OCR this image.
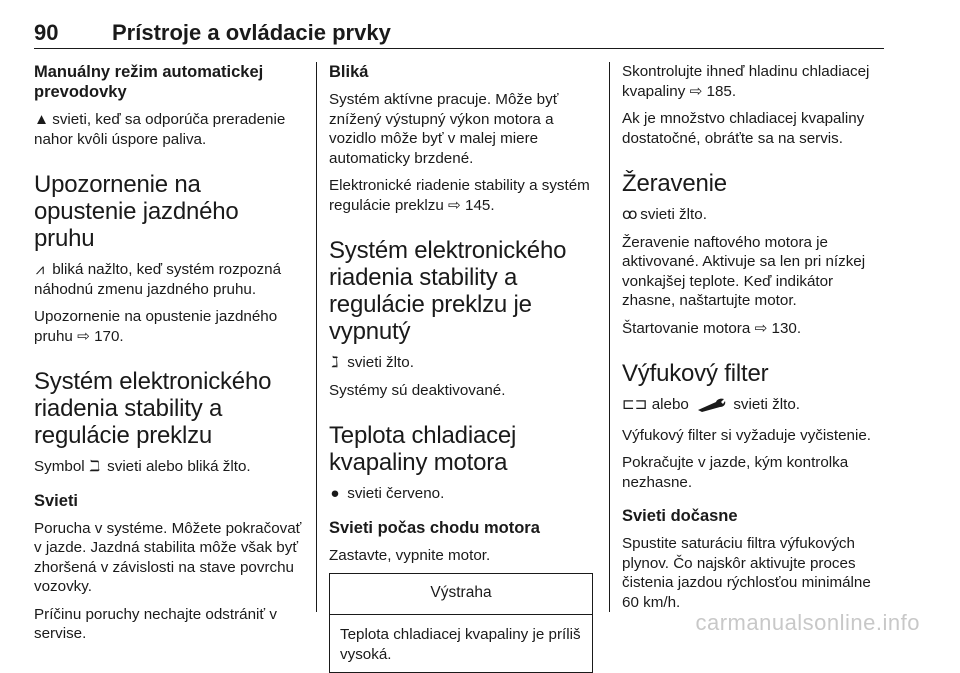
90 Prístroje a ovládacie prvky
Manuálny režim automatickej prevodovky

▲ svieti, keď sa odporúča preradenie nahor kvôli úspore paliva.

Upozornenie na opustenie jazdného pruhu

⩘ bliká nažlto, keď systém rozpozná náhodnú zmenu jazdného pruhu.

Upozornenie na opustenie jazdného pruhu ⇨ 170.

Systém elektronického riadenia stability a regulácie preklzu

Symbol ℶ svieti alebo bliká žlto.

Svieti

Porucha v systéme. Môžete pokračovať v jazde. Jazdná stabilita môže však byť zhoršená v závislosti na stave povrchu vozovky.

Príčinu poruchy nechajte odstrániť v servise.

Bliká

Systém aktívne pracuje. Môže byť znížený výstupný výkon motora a vozidlo môže byť v malej miere automaticky brzdené.

Elektronické riadenie stability a systém regulácie preklzu ⇨ 145.

Systém elektronického riadenia stability a regulácie preklzu je vypnutý

ℷ svieti žlto.

Systémy sú deaktivované.

Teplota chladiacej kvapaliny motora

● svieti červeno.

Svieti počas chodu motora

Zastavte, vypnite motor.

Výstraha
Teplota chladiacej kvapaliny je príliš vysoká.

Skontrolujte ihneď hladinu chladiacej kvapaliny ⇨ 185.

Ak je množstvo chladiacej kvapaliny dostatočné, obráťte sa na servis.

Žeravenie

ꝏ svieti žlto.

Žeravenie naftového motora je aktivované. Aktivuje sa len pri nízkej vonkajšej teplote. Keď indikátor zhasne, naštartujte motor.

Štartovanie motora ⇨ 130.

Výfukový filter

⊏⊐ alebo	svieti žlto.

Výfukový filter si vyžaduje vyčistenie.

Pokračujte v jazde, kým kontrolka nezhasne.

Svieti dočasne

Spustite saturáciu filtra výfukových plynov. Čo najskôr aktivujte proces čistenia jazdou rýchlosťou minimálne 60 km/h.

carmanualsonline.info
